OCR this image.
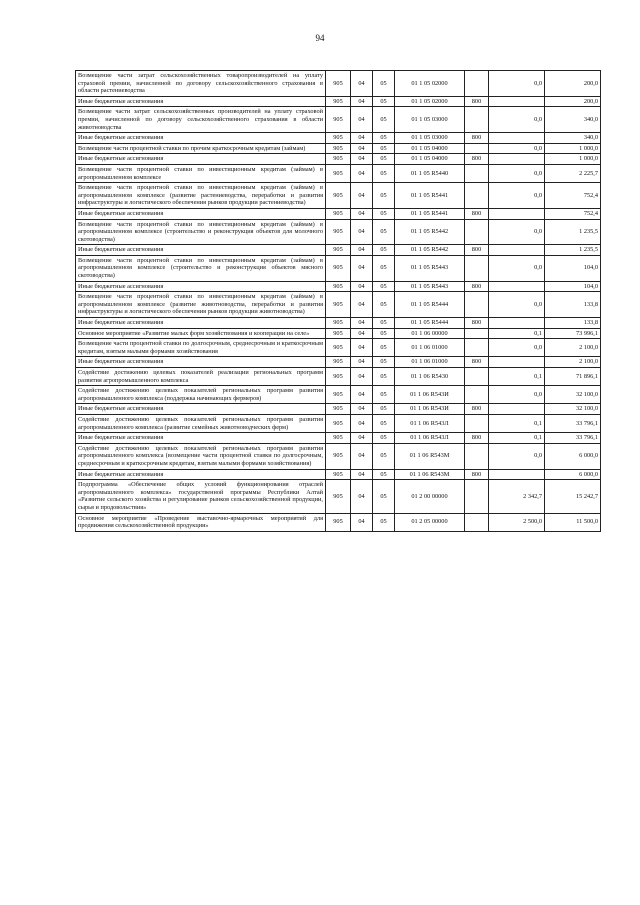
94
Возмещение части затрат сельскохозяйственных товаропроизводителей на уплату страховой премии, начисленной по договору сельскохозяйственного страхования в области растениеводства	905	04	05	01 1 05 02000		0,0	200,0
Иные бюджетные ассигнования	905	04	05	01 1 05 02000	800		200,0
Возмещение части затрат сельскохозяйственных производителей на уплату страховой премии, начисленной по договору сельскохозяйственного страхования в области животноводства	905	04	05	01 1 05 03000		0,0	340,0
Иные бюджетные ассигнования	905	04	05	01 1 05 03000	800		340,0
Возмещение части процентной ставки по прочим краткосрочным кредитам (займам)	905	04	05	01 1 05 04000		0,0	1 000,0
Иные бюджетные ассигнования	905	04	05	01 1 05 04000	800		1 000,0
Возмещение части процентной ставки по инвестиционным кредитам (займам) в агропромышленном комплексе	905	04	05	01 1 05 R5440		0,0	2 225,7
Возмещение части процентной ставки по инвестиционным кредитам (займам) в агропромышленном комплексе (развитие растениеводства, переработки и развития инфраструктуры и логистического обеспечения рынков продукции растениеводства)	905	04	05	01 1 05 R5441		0,0	752,4
Иные бюджетные ассигнования	905	04	05	01 1 05 R5441	800		752,4
Возмещение части процентной ставки по инвестиционным кредитам (займам) в агропромышленном комплексе (строительство и реконструкция объектов для молочного скотоводства)	905	04	05	01 1 05 R5442		0,0	1 235,5
Иные бюджетные ассигнования	905	04	05	01 1 05 R5442	800		1 235,5
Возмещение части процентной ставки по инвестиционным кредитам (займам) в агропромышленном комплексе (строительство и реконструкция объектов мясного скотоводства)	905	04	05	01 1 05 R5443		0,0	104,0
Иные бюджетные ассигнования	905	04	05	01 1 05 R5443	800		104,0
Возмещение части процентной ставки по инвестиционным кредитам (займам) в агропромышленном комплексе (развитие животноводства, переработки и развития инфраструктуры и логистического обеспечения рынков продукции животноводства)	905	04	05	01 1 05 R5444		0,0	133,8
Иные бюджетные ассигнования	905	04	05	01 1 05 R5444	800		133,8
Основное мероприятие «Развитие малых форм хозяйствования и кооперации на селе»	905	04	05	01 1 06 00000		0,1	73 996,1
Возмещение части процентной ставки по долгосрочным, среднесрочным и краткосрочным кредитам, взятым малыми формами хозяйствования	905	04	05	01 1 06 01000		0,0	2 100,0
Иные бюджетные ассигнования	905	04	05	01 1 06 01000	800		2 100,0
Содействие достижению целевых показателей реализации региональных программ развития агропромышленного комплекса	905	04	05	01 1 06 R5430		0,1	71 896,1
Содействие достижению целевых показателей региональных программ развития агропромышленного комплекса (поддержка начинающих фермеров)	905	04	05	01 1 06 R543И		0,0	32 100,0
Иные бюджетные ассигнования	905	04	05	01 1 06 R543И	800		32 100,0
Содействие достижению целевых показателей региональных программ развития агропромышленного комплекса (развитие семейных животноводческих ферм)	905	04	05	01 1 06 R543Л		0,1	33 796,1
Иные бюджетные ассигнования	905	04	05	01 1 06 R543Л	800	0,1	33 796,1
Содействие достижению целевых показателей региональных программ развития агропромышленного комплекса (возмещение части процентной ставки по долгосрочным, среднесрочным и краткосрочным кредитам, взятым малыми формами хозяйствования)	905	04	05	01 1 06 R543М		0,0	6 000,0
Иные бюджетные ассигнования	905	04	05	01 1 06 R543М	800		6 000,0
Подпрограмма «Обеспечение общих условий функционирования отраслей агропромышленного комплекса» государственной программы Республики Алтай «Развитие сельского хозяйства и регулирование рынков сельскохозяйственной продукции, сырья и продовольствия»	905	04	05	01 2 00 00000		2 342,7	15 242,7
Основное мероприятие «Проведение выставочно-ярмарочных мероприятий для продвижения сельскохозяйственной продукции»	905	04	05	01 2 05 00000		2 500,0	11 500,0
